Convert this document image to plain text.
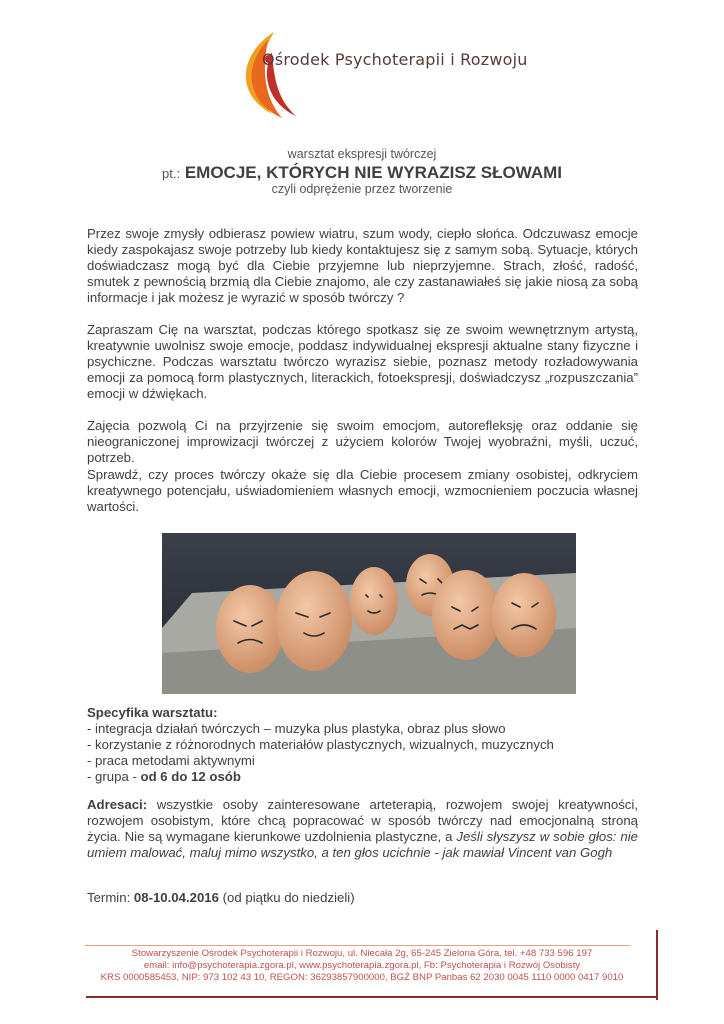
Ośrodek Psychoterapii i Rozwoju
warsztat ekspresji twórczej
pt.: EMOCJE, KTÓRYCH NIE WYRAZISZ SŁOWAMI
czyli odprężenie przez tworzenie
Przez swoje zmysły odbierasz powiew wiatru, szum wody, ciepło słońca. Odczuwasz emocje kiedy zaspokajasz swoje potrzeby lub kiedy kontaktujesz się z samym sobą. Sytuacje, których doświadczasz mogą być dla Ciebie przyjemne lub nieprzyjemne. Strach, złość, radość, smutek z pewnością brzmią dla Ciebie znajomo, ale czy zastanawiałeś się jakie niosą za sobą informacje i jak możesz je wyrazić w sposób twórczy ?
Zapraszam Cię na warsztat, podczas którego spotkasz się ze swoim wewnętrznym artystą, kreatywnie uwolnisz swoje emocje, poddasz indywidualnej ekspresji aktualne stany fizyczne i psychiczne. Podczas warsztatu twórczo wyrazisz siebie, poznasz metody rozładowywania emocji za pomocą form plastycznych, literackich, fotoekspresji, doświadczysz „rozpuszczania” emocji w dźwiękach.
Zajęcia pozwolą Ci na przyjrzenie się swoim emocjom, autorefleksję oraz oddanie się nieograniczonej improwizacji twórczej z użyciem kolorów Twojej wyobraźni, myśli, uczuć, potrzeb.
Sprawdź, czy proces twórczy okaże się dla Ciebie procesem zmiany osobistej, odkryciem kreatywnego potencjału, uświadomieniem własnych emocji, wzmocnieniem poczucia własnej wartości.
Specyfika warsztatu:
- integracja działań twórczych – muzyka plus plastyka, obraz plus słowo
- korzystanie z różnorodnych materiałów plastycznych, wizualnych, muzycznych
- praca metodami aktywnymi
- grupa - od 6 do 12 osób
Adresaci: wszystkie osoby zainteresowane arteterapią, rozwojem swojej kreatywności, rozwojem osobistym, które chcą popracować w sposób twórczy nad emocjonalną stroną życia. Nie są wymagane kierunkowe uzdolnienia plastyczne, a Jeśli słyszysz w sobie głos: nie umiem malować, maluj mimo wszystko, a ten głos ucichnie - jak mawiał Vincent van Gogh
Termin: 08-10.04.2016 (od piątku do niedzieli)
Stowarzyszenie Ośrodek Psychoterapii i Rozwoju, ul. Niecała 2g, 65-245 Zielona Góra, tel. +48 733 596 197
email: info@psychoterapia.zgora.pl, www.psychoterapia.zgora.pl, Fb: Psychoterapia i Rozwój Osobisty
KRS 0000585453, NIP: 973 102 43 10, REGON: 36293857900000, BGŻ BNP Paribas 62 2030 0045 1110 0000 0417 9010
